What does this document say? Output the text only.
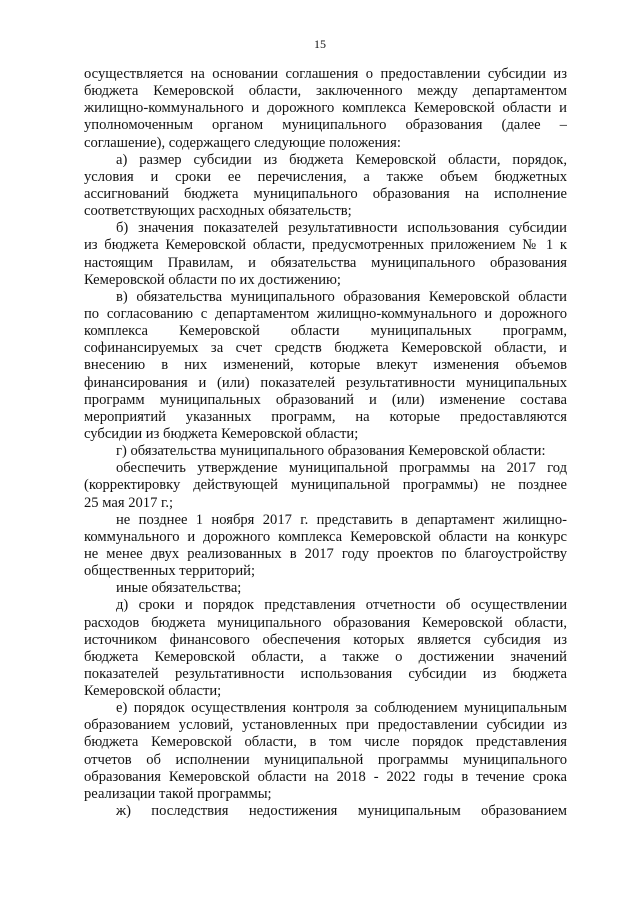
15
осуществляется на основании соглашения о предоставлении субсидии из
бюджета Кемеровской области, заключенного между департаментом
жилищно-коммунального и дорожного комплекса Кемеровской области и
уполномоченным органом муниципального образования (далее –
соглашение), содержащего следующие положения:
а) размер субсидии из бюджета Кемеровской области, порядок,
условия и сроки ее перечисления, а также объем бюджетных
ассигнований бюджета муниципального образования на исполнение
соответствующих расходных обязательств;
б) значения показателей результативности использования субсидии
из бюджета Кемеровской области, предусмотренных приложением № 1 к
настоящим Правилам, и обязательства муниципального образования
Кемеровской области по их достижению;
в) обязательства муниципального образования Кемеровской области
по согласованию с департаментом жилищно-коммунального и дорожного
комплекса Кемеровской области муниципальных программ,
софинансируемых за счет средств бюджета Кемеровской области, и
внесению в них изменений, которые влекут изменения объемов
финансирования и (или) показателей результативности муниципальных
программ муниципальных образований и (или) изменение состава
мероприятий указанных программ, на которые предоставляются
субсидии из бюджета Кемеровской области;
г) обязательства муниципального образования Кемеровской области:
обеспечить утверждение муниципальной программы на 2017 год
(корректировку действующей муниципальной программы) не позднее
25 мая 2017 г.;
не позднее 1 ноября 2017 г. представить в департамент жилищно-
коммунального и дорожного комплекса Кемеровской области на конкурс
не менее двух реализованных в 2017 году проектов по благоустройству
общественных территорий;
иные обязательства;
д) сроки и порядок представления отчетности об осуществлении
расходов бюджета муниципального образования Кемеровской области,
источником финансового обеспечения которых является субсидия из
бюджета Кемеровской области, а также о достижении значений
показателей результативности использования субсидии из бюджета
Кемеровской области;
е) порядок осуществления контроля за соблюдением муниципальным
образованием условий, установленных при предоставлении субсидии из
бюджета Кемеровской области, в том числе порядок представления
отчетов об исполнении муниципальной программы муниципального
образования Кемеровской области на 2018 - 2022 годы в течение срока
реализации такой программы;
ж) последствия недостижения муниципальным образованием
